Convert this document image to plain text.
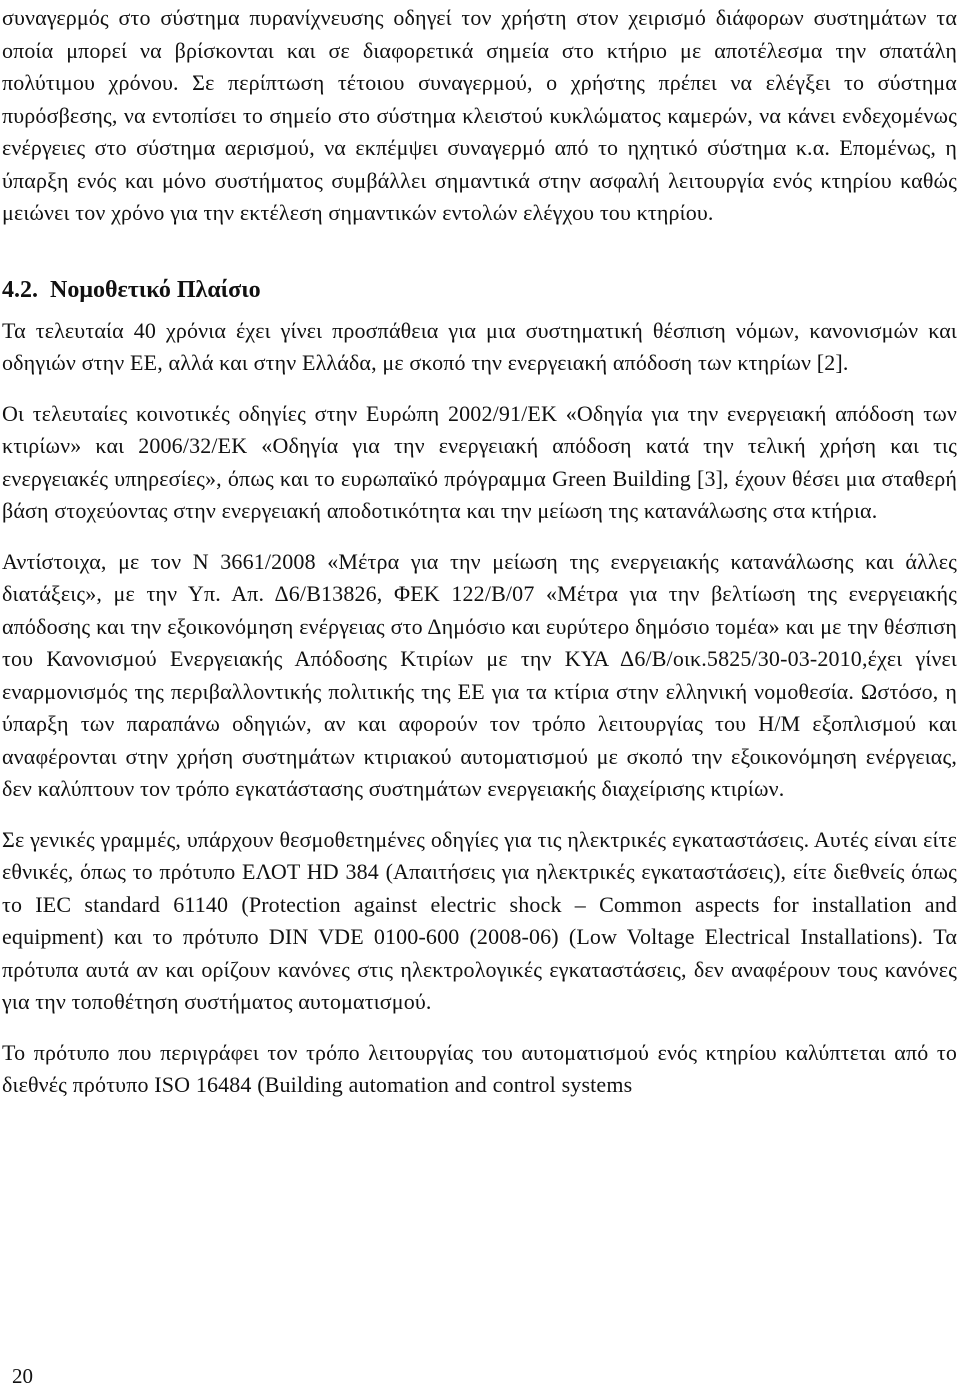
συναγερμός στο σύστημα πυρανίχνευσης οδηγεί τον χρήστη στον χειρισμό διάφορων συστημάτων τα οποία μπορεί να βρίσκονται και σε διαφορετικά σημεία στο κτήριο με αποτέλεσμα την σπατάλη πολύτιμου χρόνου. Σε περίπτωση τέτοιου συναγερμού, ο χρήστης πρέπει να ελέγξει το σύστημα πυρόσβεσης, να εντοπίσει το σημείο στο σύστημα κλειστού κυκλώματος καμερών, να κάνει ενδεχομένως ενέργειες στο σύστημα αερισμού, να εκπέμψει συναγερμό από το ηχητικό σύστημα κ.α. Επομένως, η ύπαρξη ενός και μόνο συστήματος συμβάλλει σημαντικά στην ασφαλή λειτουργία ενός κτηρίου καθώς μειώνει τον χρόνο για την εκτέλεση σημαντικών εντολών ελέγχου του κτηρίου.

4.2. Νομοθετικό Πλαίσιο

Τα τελευταία 40 χρόνια έχει γίνει προσπάθεια για μια συστηματική θέσπιση νόμων, κανονισμών και οδηγιών στην ΕΕ, αλλά και στην Ελλάδα, με σκοπό την ενεργειακή απόδοση των κτηρίων [2].

Οι τελευταίες κοινοτικές οδηγίες στην Ευρώπη 2002/91/ΕΚ «Οδηγία για την ενεργειακή απόδοση των κτιρίων» και 2006/32/ΕΚ «Οδηγία για την ενεργειακή απόδοση κατά την τελική χρήση και τις ενεργειακές υπηρεσίες», όπως και το ευρωπαϊκό πρόγραμμα Green Building [3], έχουν θέσει μια σταθερή βάση στοχεύοντας στην ενεργειακή αποδοτικότητα και την μείωση της κατανάλωσης στα κτήρια.

Αντίστοιχα, με τον Ν 3661/2008 «Μέτρα για την μείωση της ενεργειακής κατανάλωσης και άλλες διατάξεις», με την Υπ. Απ. Δ6/Β13826, ΦΕΚ 122/Β/07 «Μέτρα για την βελτίωση της ενεργειακής απόδοσης και την εξοικονόμηση ενέργειας στο Δημόσιο και ευρύτερο δημόσιο τομέα» και με την θέσπιση του Κανονισμού Ενεργειακής Απόδοσης Κτιρίων με την ΚΥΑ Δ6/Β/οικ.5825/30-03-2010,έχει γίνει εναρμονισμός της περιβαλλοντικής πολιτικής της ΕΕ για τα κτίρια στην ελληνική νομοθεσία. Ωστόσο, η ύπαρξη των παραπάνω οδηγιών, αν και αφορούν τον τρόπο λειτουργίας του Η/Μ εξοπλισμού και αναφέρονται στην χρήση συστημάτων κτιριακού αυτοματισμού με σκοπό την εξοικονόμηση ενέργειας, δεν καλύπτουν τον τρόπο εγκατάστασης συστημάτων ενεργειακής διαχείρισης κτιρίων.

Σε γενικές γραμμές, υπάρχουν θεσμοθετημένες οδηγίες για τις ηλεκτρικές εγκαταστάσεις. Αυτές είναι είτε εθνικές, όπως το πρότυπο ΕΛΟΤ HD 384 (Απαιτήσεις για ηλεκτρικές εγκαταστάσεις), είτε διεθνείς όπως το IEC standard 61140 (Protection against electric shock – Common aspects for installation and equipment) και το πρότυπο DIN VDE 0100-600 (2008-06) (Low Voltage Electrical Installations). Τα πρότυπα αυτά αν και ορίζουν κανόνες στις ηλεκτρολογικές εγκαταστάσεις, δεν αναφέρουν τους κανόνες για την τοποθέτηση συστήματος αυτοματισμού.

Το πρότυπο που περιγράφει τον τρόπο λειτουργίας του αυτοματισμού ενός κτηρίου καλύπτεται από το διεθνές πρότυπο ISO 16484 (Building automation and control systems

20
